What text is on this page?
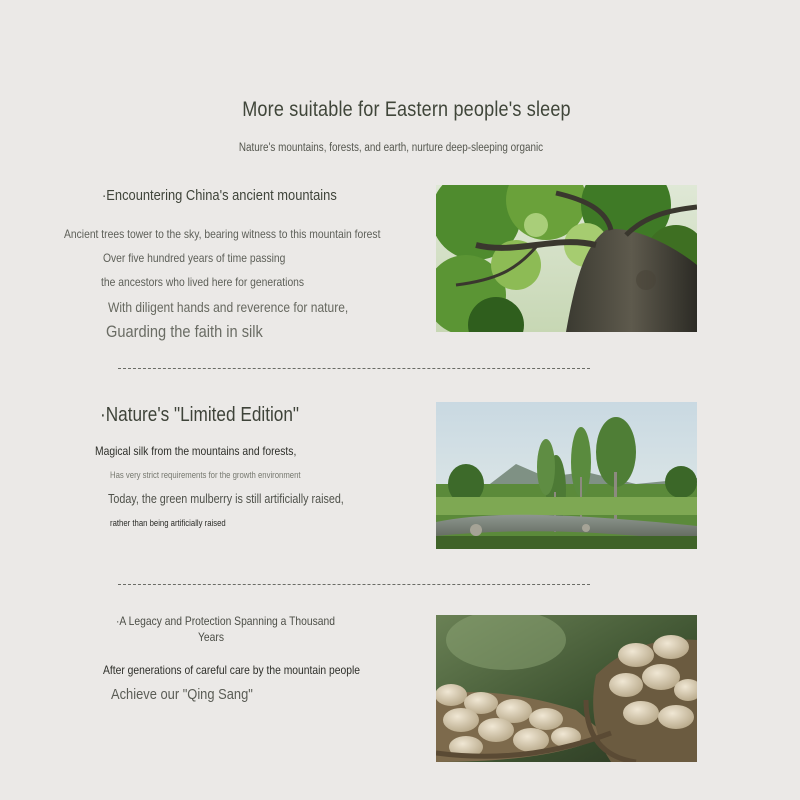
More suitable for Eastern people's sleep
Nature's mountains, forests, and earth, nurture deep-sleeping organic
·Encountering China's ancient mountains
Ancient trees tower to the sky, bearing witness to this mountain forest
Over five hundred years of time passing
the ancestors who lived here for generations
With diligent hands and reverence for nature,
Guarding the faith in silk
·Nature's "Limited Edition"
Magical silk from the mountains and forests,
Has very strict requirements for the growth environment
Today, the green mulberry is still artificially raised,
rather than being artificially raised
·A Legacy and Protection Spanning a Thousand
Years
After generations of careful care by the mountain people
Achieve our "Qing Sang"
